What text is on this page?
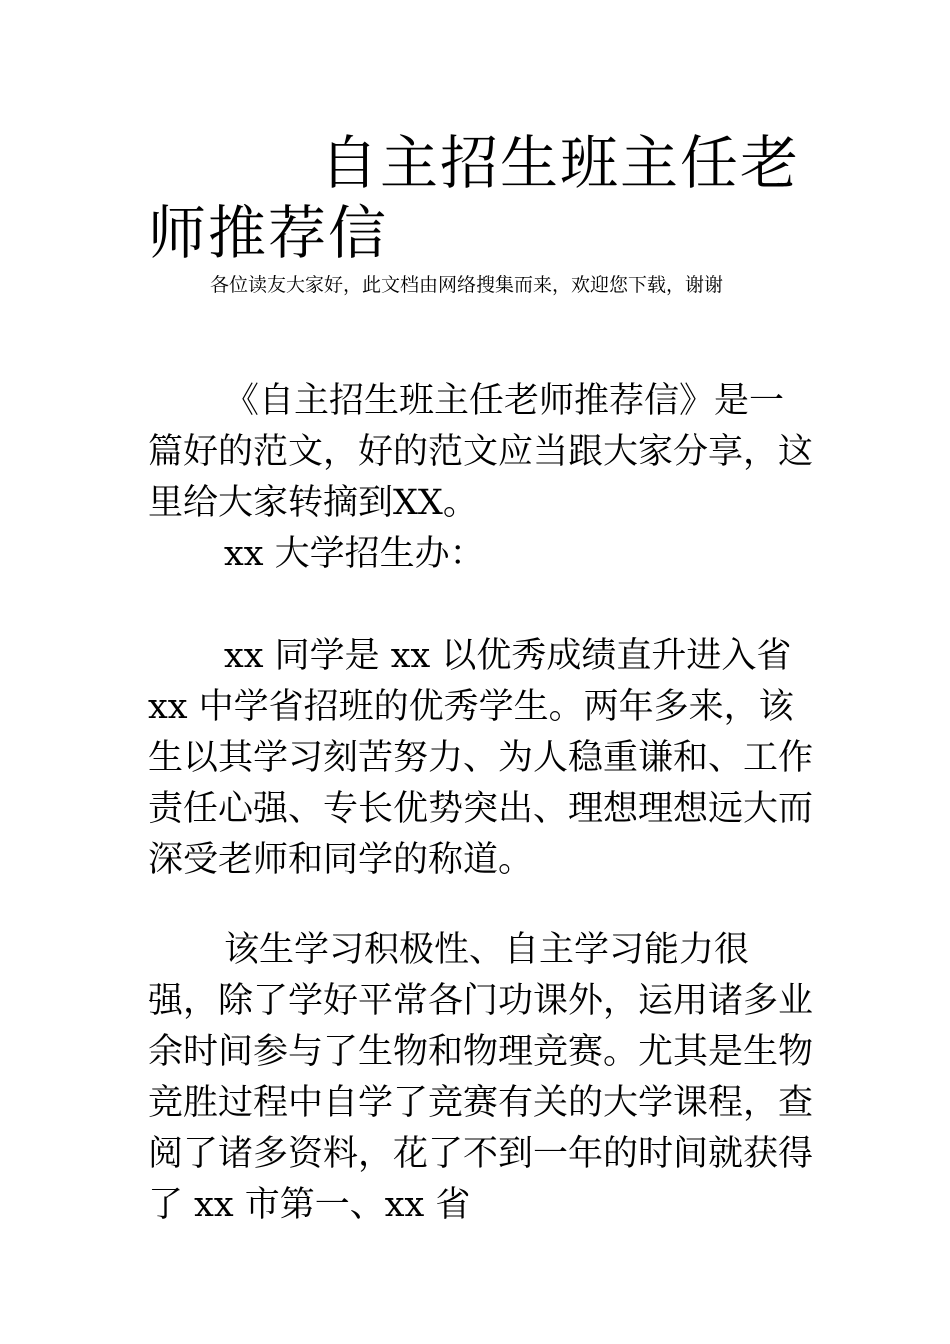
自主招生班主任老
师推荐信

各位读友大家好，此文档由网络搜集而来，欢迎您下载，谢谢

《自主招生班主任老师推荐信》是一篇好的范文，好的范文应当跟大家分享，这里给大家转摘到XX。

xx 大学招生办：

xx 同学是 xx 以优秀成绩直升进入省 xx 中学省招班的优秀学生。两年多来，该生以其学习刻苦努力、为人稳重谦和、工作责任心强、专长优势突出、理想理想远大而深受老师和同学的称道。

该生学习积极性、自主学习能力很强，除了学好平常各门功课外，运用诸多业余时间参与了生物和物理竞赛。尤其是生物竞胜过程中自学了竞赛有关的大学课程，查阅了诸多资料，花了不到一年的时间就获得了 xx 市第一、xx 省
